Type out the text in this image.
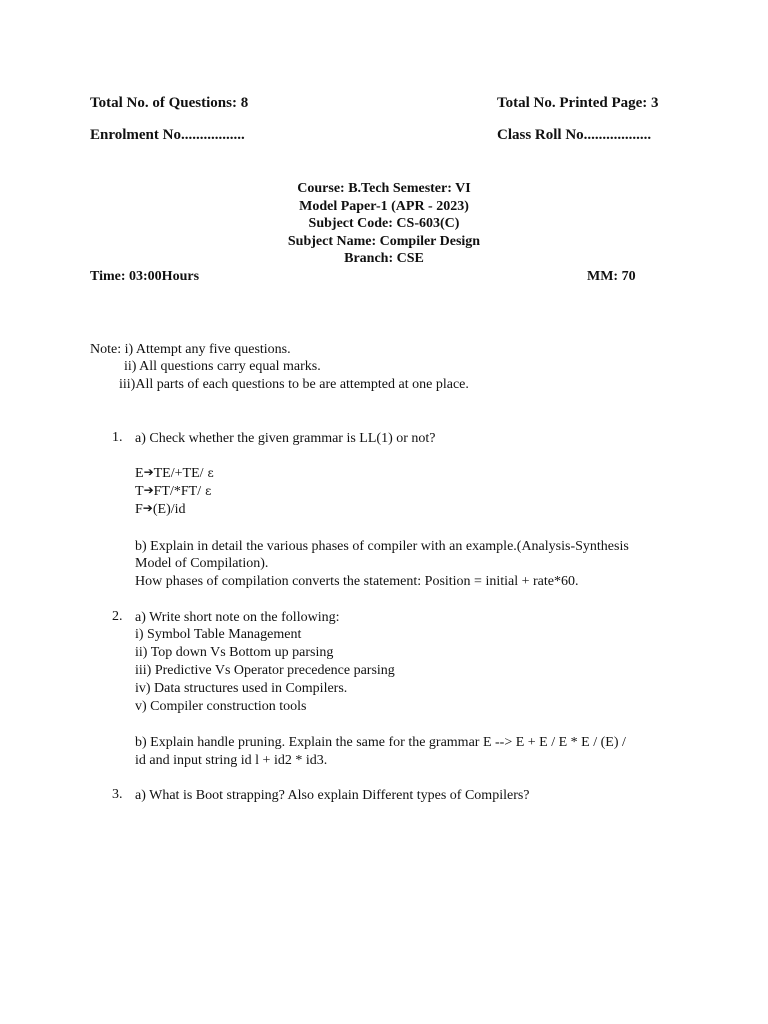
Total No. of Questions: 8	Total No. Printed Page: 3
Enrolment No.................	Class Roll No..................
Course: B.Tech Semester: VI
Model Paper-1 (APR - 2023)
Subject Code: CS-603(C)
Subject Name: Compiler Design
Branch: CSE
Time: 03:00Hours	MM: 70
Note: i) Attempt any five questions.
ii) All questions carry equal marks.
iii)All parts of each questions to be are attempted at one place.
1. a) Check whether the given grammar is LL(1) or not?
E➔TE/+TE/ ε
T➔FT/*FT/ ε
F➔(E)/id
b) Explain in detail the various phases of compiler with an example.(Analysis-Synthesis
Model of Compilation).
How phases of compilation converts the statement: Position = initial + rate*60.
2. a) Write short note on the following:
i) Symbol Table Management
ii) Top down Vs Bottom up parsing
iii) Predictive Vs Operator precedence parsing
iv) Data structures used in Compilers.
v) Compiler construction tools
b) Explain handle pruning. Explain the same for the grammar E --> E + E / E * E / (E) /
id and input string id l + id2 * id3.
3. a) What is Boot strapping? Also explain Different types of Compilers?
